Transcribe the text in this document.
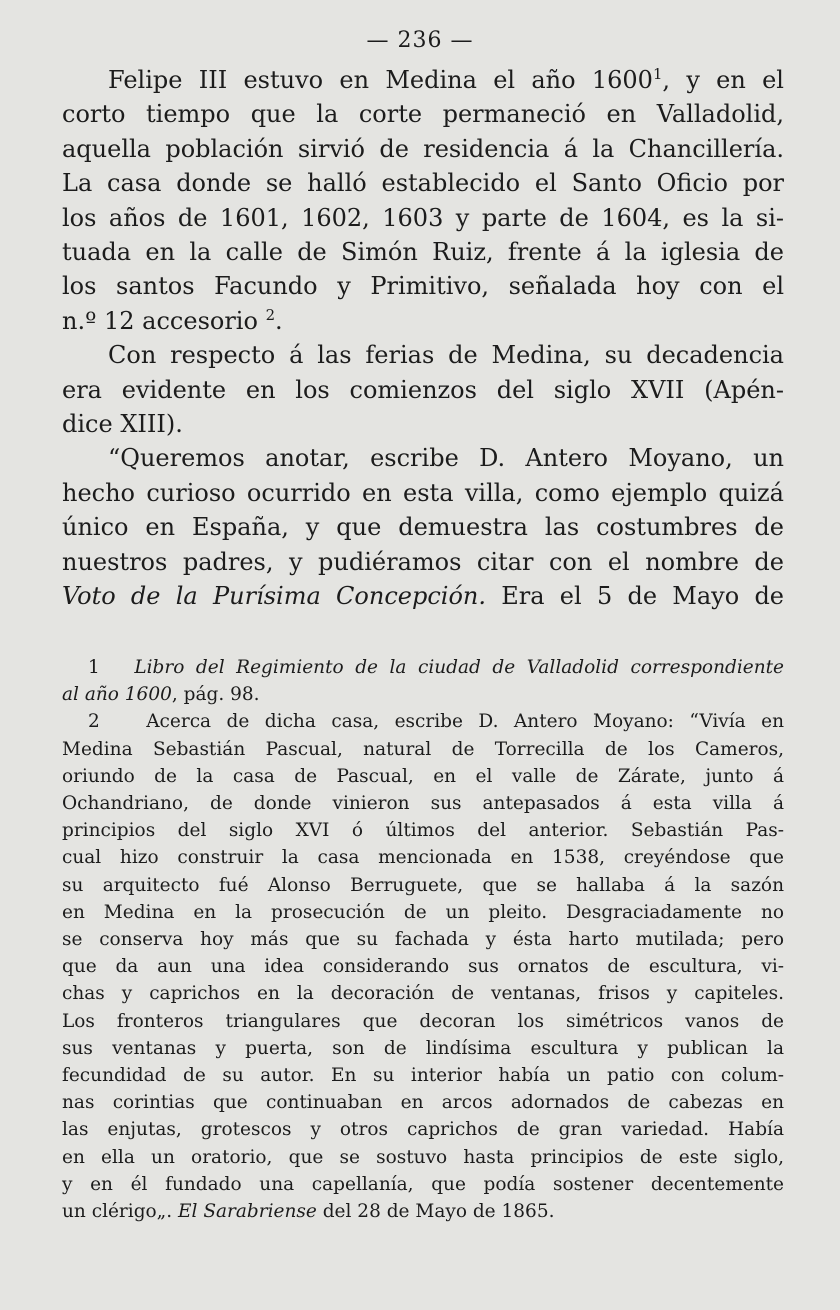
— 236 —
Felipe III estuvo en Medina el año 1600$^1$, y en el
corto tiempo que la corte permaneció en Valladolid,
aquella población sirvió de residencia á la Chancillería.
La casa donde se halló establecido el Santo Oficio por
los años de 1601, 1602, 1603 y parte de 1604, es la si-
tuada en la calle de Simón Ruiz, frente á la iglesia de
los santos Facundo y Primitivo, señalada hoy con el
n.º 12 accesorio $^2$.
Con respecto á las ferias de Medina, su decadencia
era evidente en los comienzos del siglo XVII (Apén-
dice XIII).
“Queremos anotar, escribe D. Antero Moyano, un
hecho curioso ocurrido en esta villa, como ejemplo quizá
único en España, y que demuestra las costumbres de
nuestros padres, y pudiéramos citar con el nombre de
Voto de la Purísima Concepción. Era el 5 de Mayo de
1 Libro del Regimiento de la ciudad de Valladolid correspondiente
al año 1600, pág. 98.
2	Acerca de dicha casa, escribe D. Antero Moyano: “Vivía en
Medina Sebastián Pascual, natural de Torrecilla de los Cameros,
oriundo de la casa de Pascual, en el valle de Zárate, junto á
Ochandriano, de donde vinieron sus antepasados á esta villa á
principios del siglo XVI ó últimos del anterior. Sebastián Pas-
cual hizo construir la casa mencionada en 1538, creyéndose que
su arquitecto fué Alonso Berruguete, que se hallaba á la sazón
en Medina en la prosecución de un pleito. Desgraciadamente no
se conserva hoy más que su fachada y ésta harto mutilada; pero
que da aun una idea considerando sus ornatos de escultura, vi-
chas y caprichos en la decoración de ventanas, frisos y capiteles.
Los fronteros triangulares que decoran los simétricos vanos de
sus ventanas y puerta, son de lindísima escultura y publican la
fecundidad de su autor. En su interior había un patio con colum-
nas corintias que continuaban en arcos adornados de cabezas en
las enjutas, grotescos y otros caprichos de gran variedad. Había
en ella un oratorio, que se sostuvo hasta principios de este siglo,
y en él fundado una capellanía, que podía sostener decentemente
un clérigo„. El Sarabriense del 28 de Mayo de 1865.
